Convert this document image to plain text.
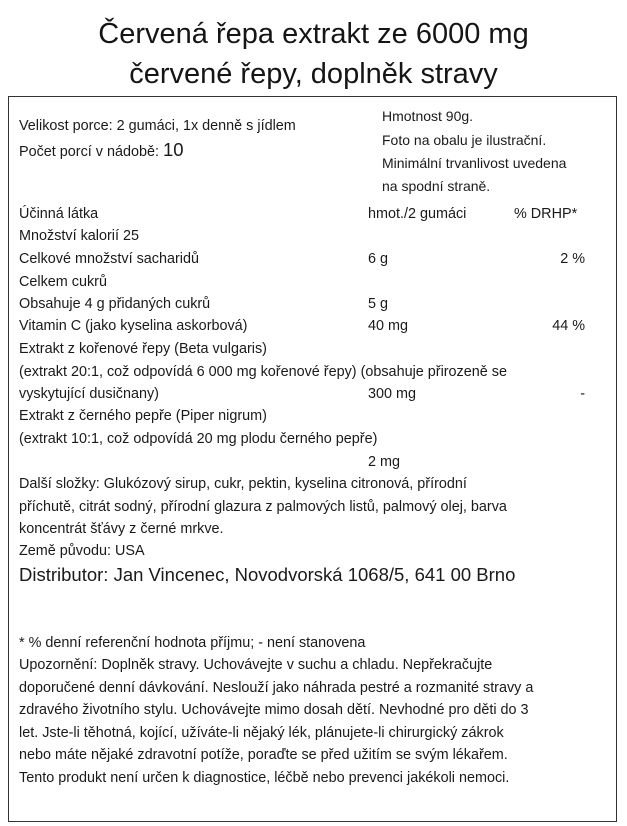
Červená řepa extrakt ze 6000 mg
červené řepy, doplněk stravy
Velikost porce: 2 gumáci, 1x denně s jídlem
Počet porcí v nádobě: 10
Hmotnost 90g.
Foto na obalu je ilustrační.
Minimální trvanlivost uvedena
na spodní straně.
Účinná látka	hmot./2 gumáci	% DRHP*
Množství kalorií 25
Celkové množství sacharidů	6 g	2 %
Celkem cukrů
Obsahuje 4 g přidaných cukrů	5 g
Vitamin C (jako kyselina askorbová)	40 mg	44 %
Extrakt z kořenové řepy (Beta vulgaris)
(extrakt 20:1, což odpovídá 6 000 mg kořenové řepy) (obsahuje přirozeně se
vyskytující dusičnany)	300 mg	-
Extrakt z černého pepře (Piper nigrum)
(extrakt 10:1, což odpovídá 20 mg plodu černého pepře)
2 mg
Další složky: Glukózový sirup, cukr, pektin, kyselina citronová, přírodní
příchutě, citrát sodný, přírodní glazura z palmových listů, palmový olej, barva
koncentrát šťávy z černé mrkve.
Země původu: USA
Distributor: Jan Vincenec, Novodvorská 1068/5, 641 00 Brno
* % denní referenční hodnota příjmu; - není stanovena
Upozornění: Doplněk stravy. Uchovávejte v suchu a chladu. Nepřekračujte
doporučené denní dávkování. Neslouží jako náhrada pestré a rozmanité stravy a
zdravého životního stylu. Uchovávejte mimo dosah dětí. Nevhodné pro děti do 3
let. Jste-li těhotná, kojící, užíváte-li nějaký lék, plánujete-li chirurgický zákrok
nebo máte nějaké zdravotní potíže, poraďte se před užitím se svým lékařem.
Tento produkt není určen k diagnostice, léčbě nebo prevenci jakékoli nemoci.
